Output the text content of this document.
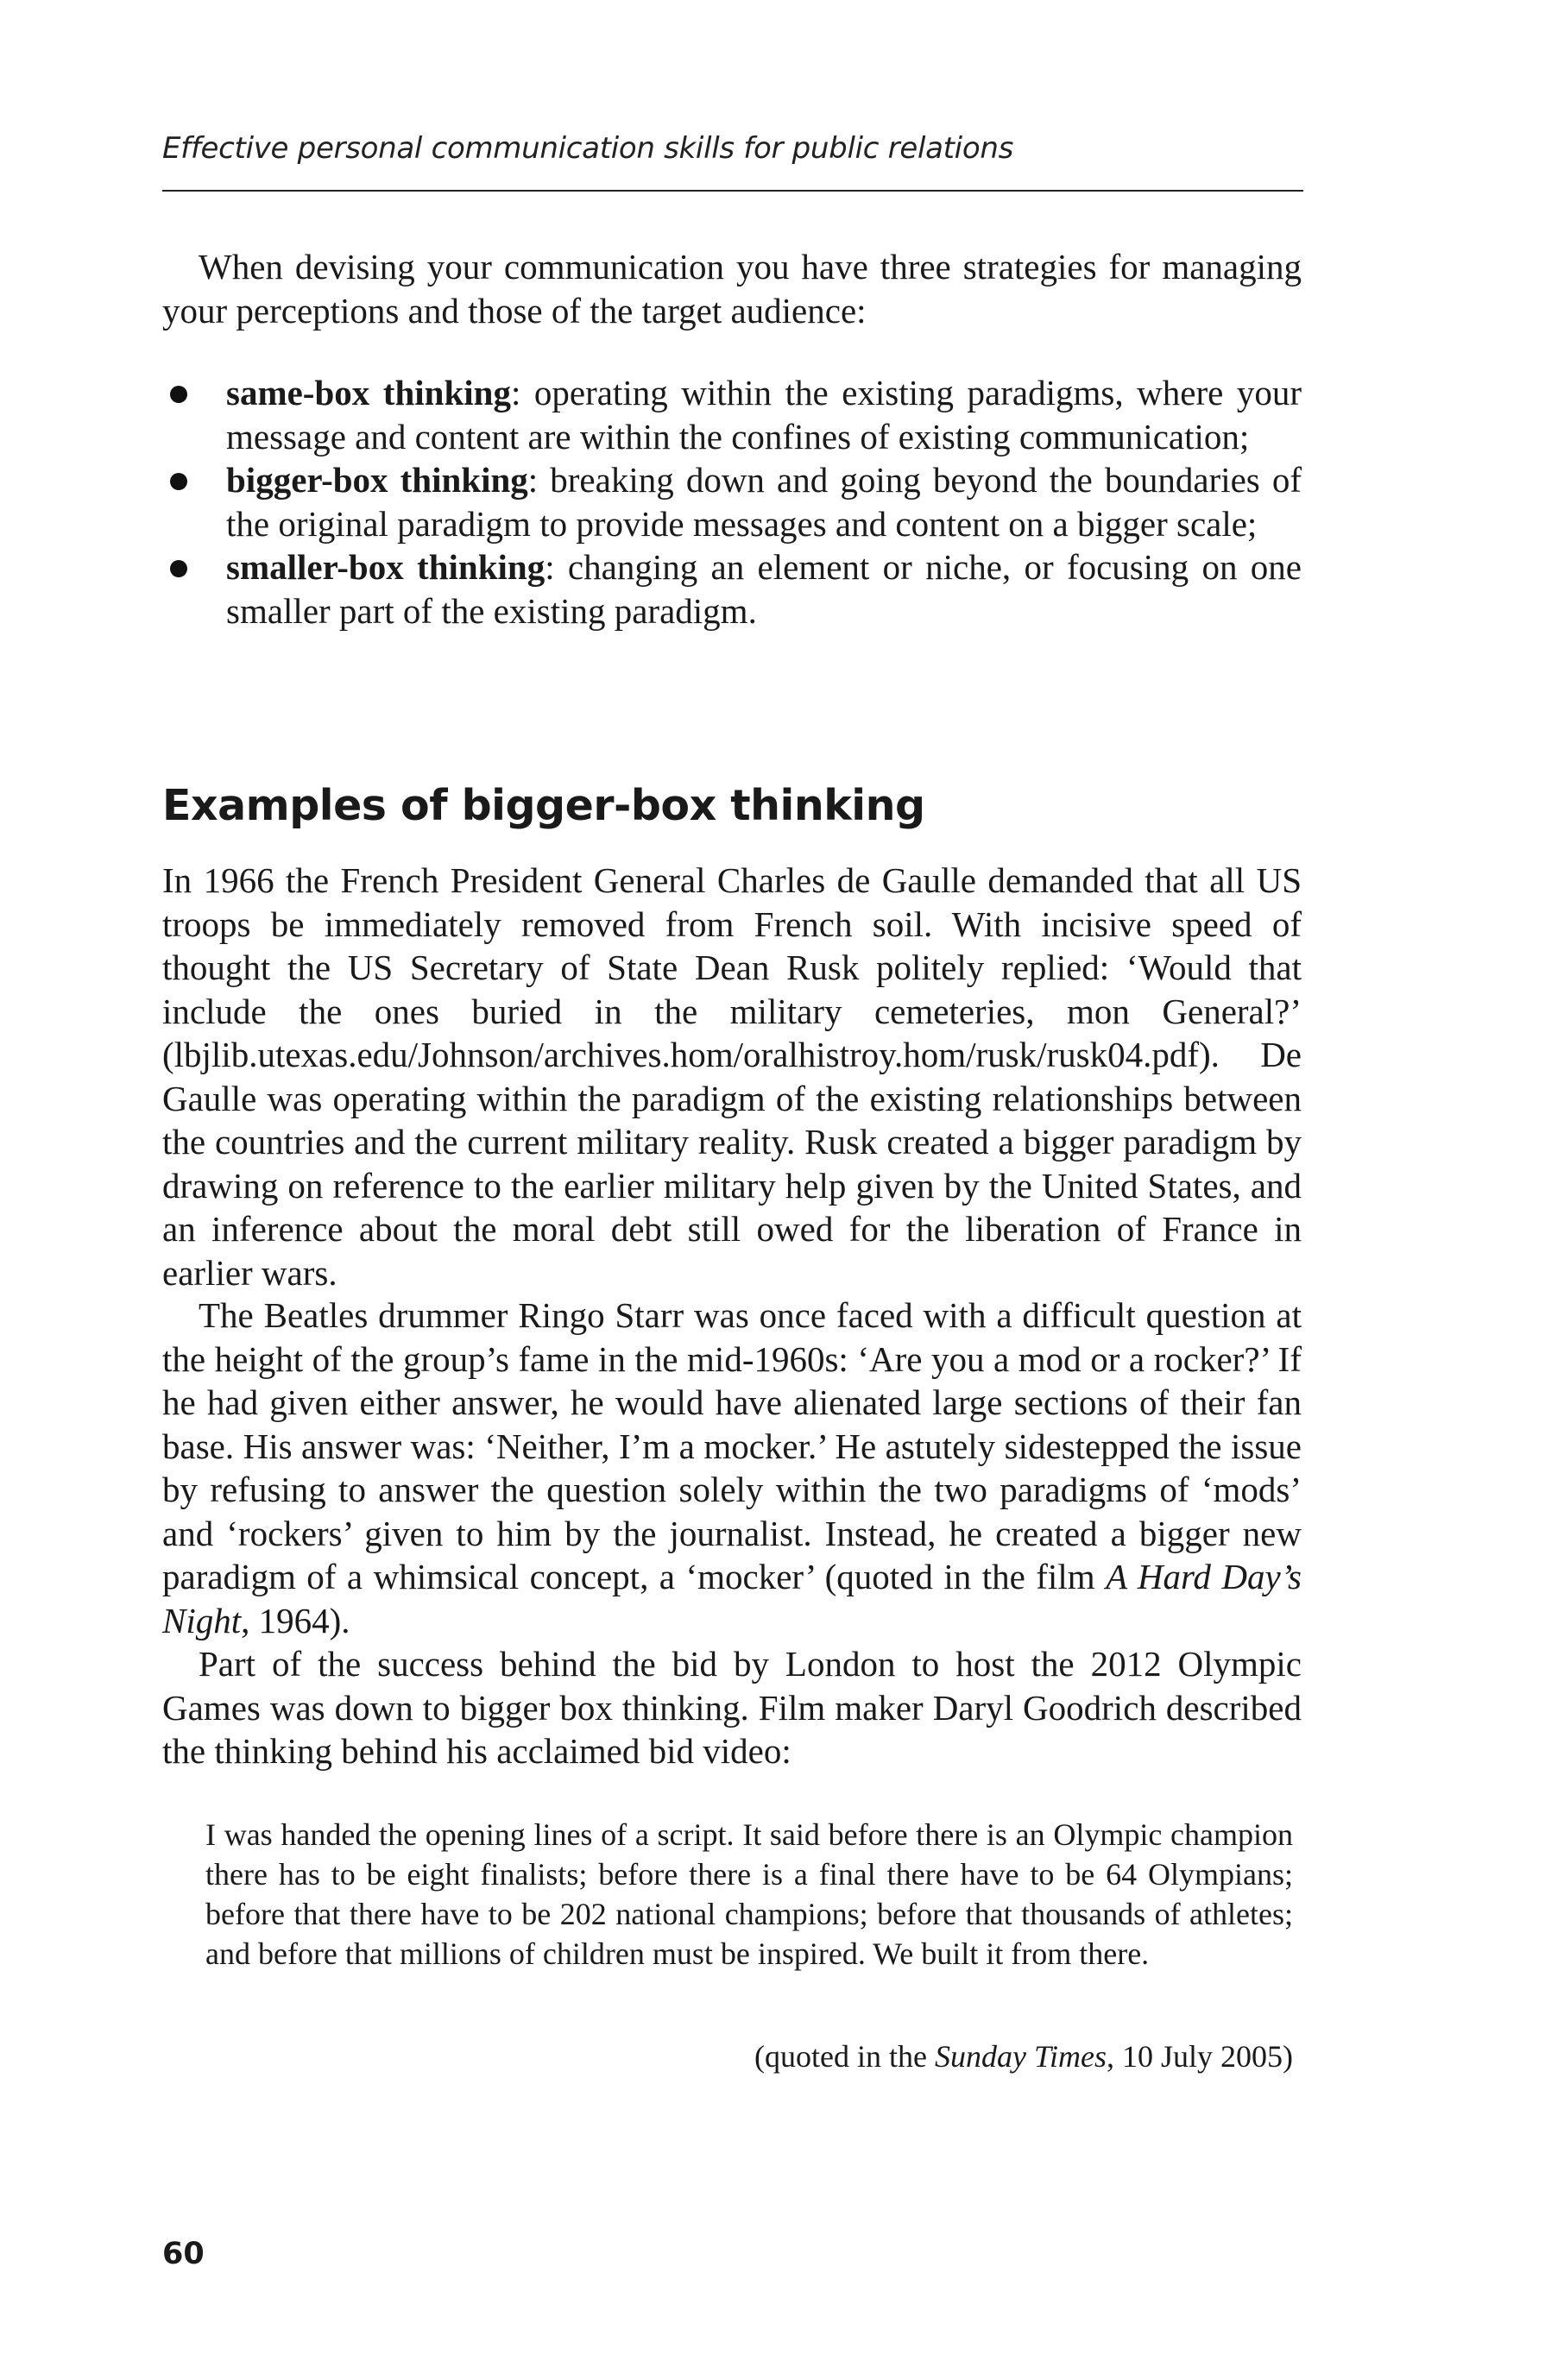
Effective personal communication skills for public relations

When devising your communication you have three strategies for managing your perceptions and those of the target audience:

same-box thinking: operating within the existing paradigms, where your message and content are within the confines of existing communication;
bigger-box thinking: breaking down and going beyond the boundaries of the original paradigm to provide messages and content on a bigger scale;
smaller-box thinking: changing an element or niche, or focusing on one smaller part of the existing paradigm.
Examples of bigger-box thinking

In 1966 the French President General Charles de Gaulle demanded that all US troops be immediately removed from French soil. With incisive speed of thought the US Secretary of State Dean Rusk politely replied: ‘Would that include the ones buried in the military cemeteries, mon General?’ (lbjlib.utexas.edu/Johnson/archives.hom/oralhistroy.hom/rusk/rusk04.pdf). De Gaulle was operating within the paradigm of the existing relationships between the countries and the current military reality. Rusk created a bigger paradigm by drawing on reference to the earlier military help given by the United States, and an inference about the moral debt still owed for the liberation of France in earlier wars.

The Beatles drummer Ringo Starr was once faced with a difficult question at the height of the group’s fame in the mid-1960s: ‘Are you a mod or a rocker?’ If he had given either answer, he would have alienated large sections of their fan base. His answer was: ‘Neither, I’m a mocker.’ He astutely sidestepped the issue by refusing to answer the question solely within the two paradigms of ‘mods’ and ‘rockers’ given to him by the journalist. Instead, he created a bigger new paradigm of a whimsical concept, a ‘mocker’ (quoted in the film A Hard Day’s Night, 1964).

Part of the success behind the bid by London to host the 2012 Olympic Games was down to bigger box thinking. Film maker Daryl Goodrich described the thinking behind his acclaimed bid video:

I was handed the opening lines of a script. It said before there is an Olympic champion there has to be eight finalists; before there is a final there have to be 64 Olympians; before that there have to be 202 national champions; before that thousands of athletes; and before that millions of children must be inspired. We built it from there.

(quoted in the Sunday Times, 10 July 2005)

60
